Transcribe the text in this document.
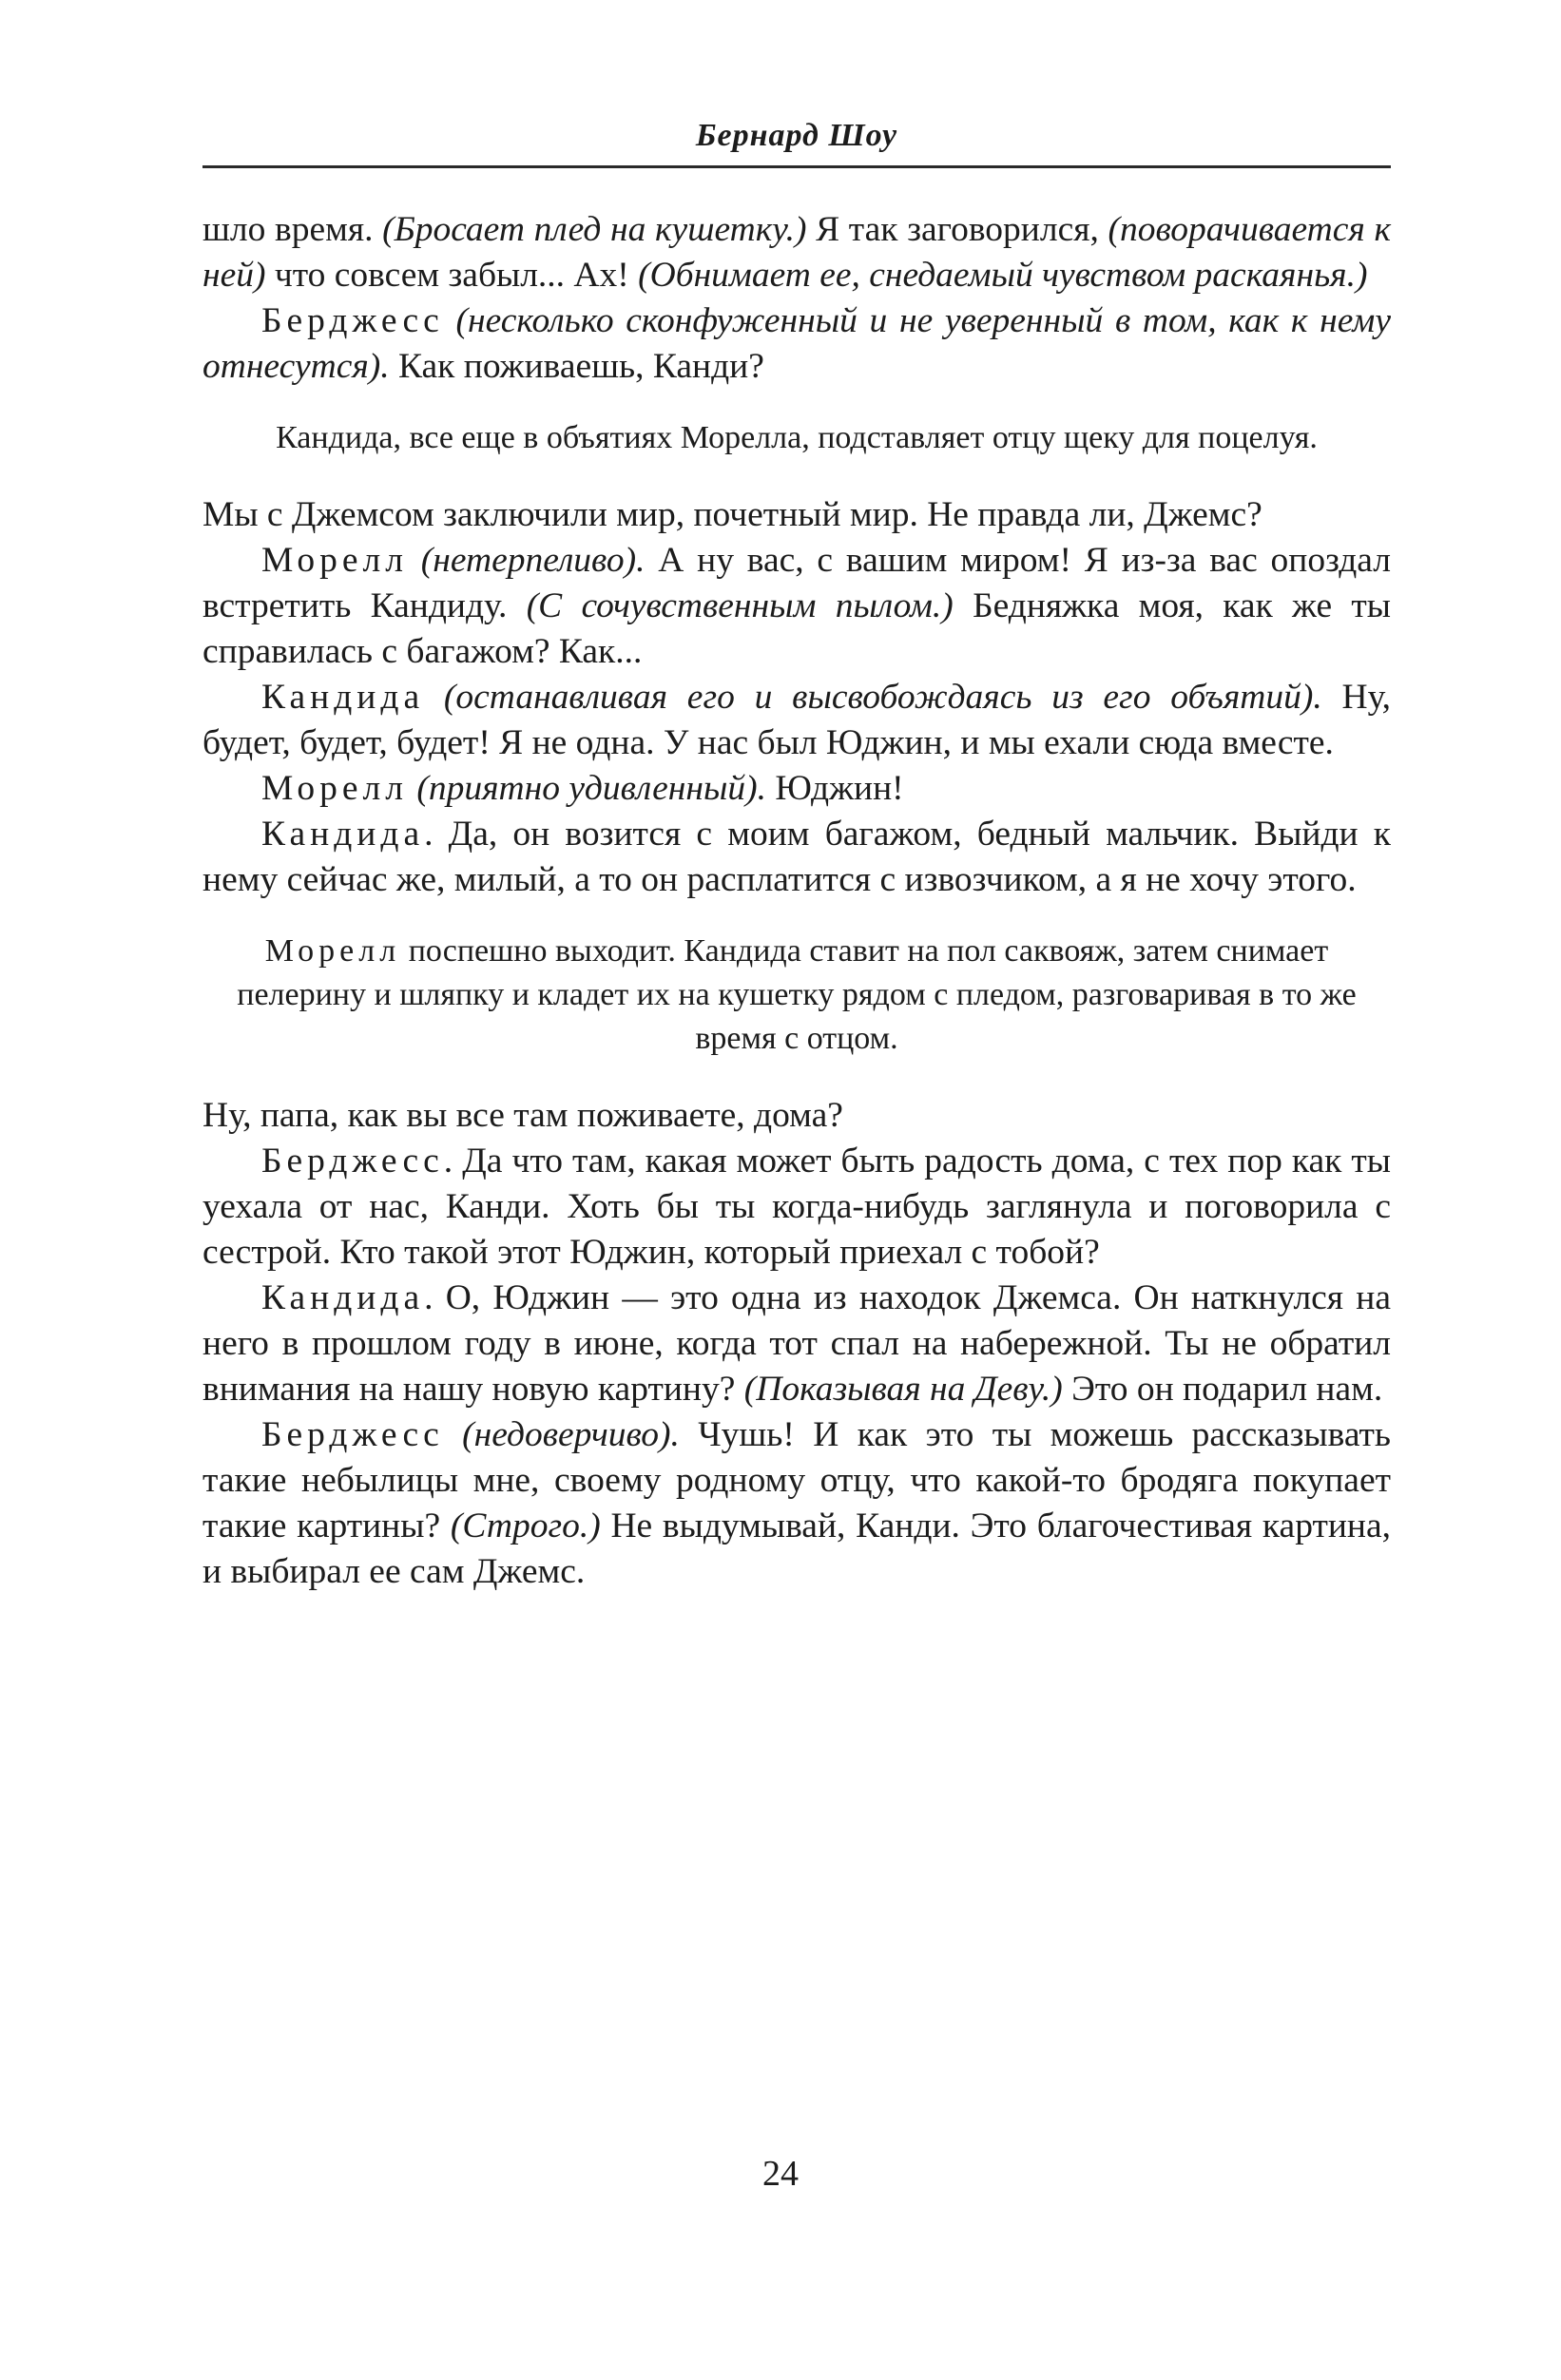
Бернард Шоу

шло время. (Бросает плед на кушетку.) Я так заговорился, (поворачивается к ней) что совсем забыл... Ах! (Обнимает ее, снедаемый чувством раскаянья.)

Берджесс (несколько сконфуженный и не уверенный в том, как к нему отнесутся). Как поживаешь, Канди?

Кандида, все еще в объятиях Морелла, подставляет отцу щеку для поцелуя.

Мы с Джемсом заключили мир, почетный мир. Не правда ли, Джемс?

Морелл (нетерпеливо). А ну вас, с вашим миром! Я из-за вас опоздал встретить Кандиду. (С сочувственным пылом.) Бедняжка моя, как же ты справилась с багажом? Как...

Кандида (останавливая его и высвобождаясь из его объятий). Ну, будет, будет, будет! Я не одна. У нас был Юджин, и мы ехали сюда вместе.

Морелл (приятно удивленный). Юджин!

Кандида. Да, он возится с моим багажом, бедный мальчик. Выйди к нему сейчас же, милый, а то он расплатится с извозчиком, а я не хочу этого.

Морелл поспешно выходит. Кандида ставит на пол саквояж, затем снимает пелерину и шляпку и кладет их на кушетку рядом с пледом, разговаривая в то же время с отцом.

Ну, папа, как вы все там поживаете, дома?

Берджесс. Да что там, какая может быть радость дома, с тех пор как ты уехала от нас, Канди. Хоть бы ты когда-нибудь заглянула и поговорила с сестрой. Кто такой этот Юджин, который приехал с тобой?

Кандида. О, Юджин — это одна из находок Джемса. Он наткнулся на него в прошлом году в июне, когда тот спал на набережной. Ты не обратил внимания на нашу новую картину? (Показывая на Деву.) Это он подарил нам.

Берджесс (недоверчиво). Чушь! И как это ты можешь рассказывать такие небылицы мне, своему родному отцу, что какой-то бродяга покупает такие картины? (Строго.) Не выдумывай, Канди. Это благочестивая картина, и выбирал ее сам Джемс.

24
